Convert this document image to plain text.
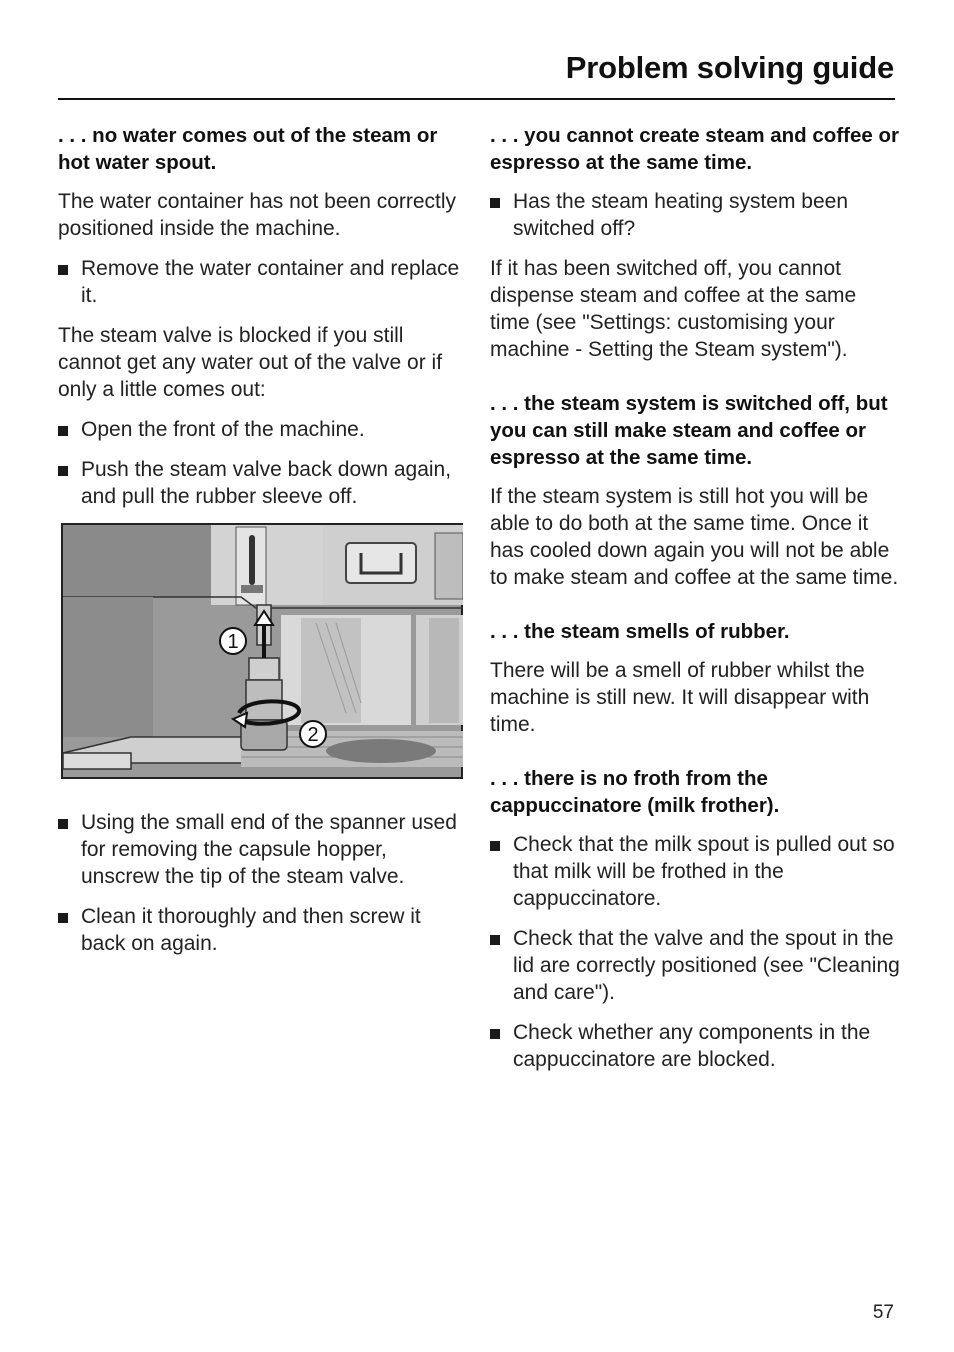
Problem solving guide
. . . no water comes out of the steam or hot water spout.
The water container has not been correctly positioned inside the machine.
Remove the water container and replace it.
The steam valve is blocked if you still cannot get any water out of the valve or if only a little comes out:
Open the front of the machine.
Push the steam valve back down again, and pull the rubber sleeve off.
1
2
Using the small end of the spanner used for removing the capsule hopper, unscrew the tip of the steam valve.
Clean it thoroughly and then screw it back on again.
. . . you cannot create steam and coffee or espresso at the same time.
Has the steam heating system been switched off?
If it has been switched off, you cannot dispense steam and coffee at the same time (see "Settings: customising your machine - Setting the Steam system").
. . . the steam system is switched off, but you can still make steam and coffee or espresso at the same time.
If the steam system is still hot you will be able to do both at the same time. Once it has cooled down again you will not be able to make steam and coffee at the same time.
. . . the steam smells of rubber.
There will be a smell of rubber whilst the machine is still new. It will disappear with time.
. . . there is no froth from the cappuccinatore (milk frother).
Check that the milk spout is pulled out so that milk will be frothed in the cappuccinatore.
Check that the valve and the spout in the lid are correctly positioned (see "Cleaning and care").
Check whether any components in the cappuccinatore are blocked.
57
